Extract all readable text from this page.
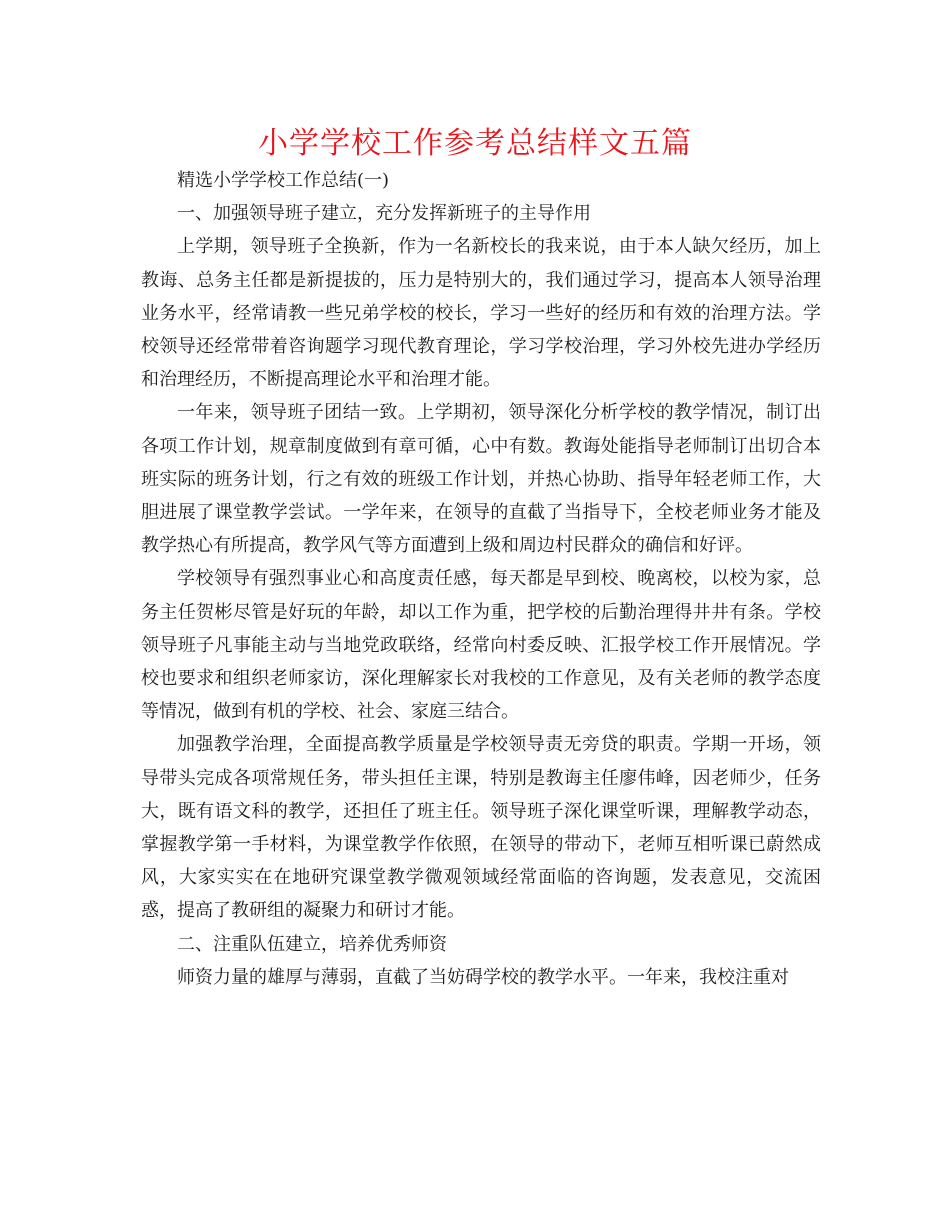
小学学校工作参考总结样文五篇

精选小学学校工作总结(一)

一、加强领导班子建立，充分发挥新班子的主导作用

上学期，领导班子全换新，作为一名新校长的我来说，由于本人缺欠经历，加上教诲、总务主任都是新提拔的，压力是特别大的，我们通过学习，提高本人领导治理业务水平，经常请教一些兄弟学校的校长，学习一些好的经历和有效的治理方法。学校领导还经常带着咨询题学习现代教育理论，学习学校治理，学习外校先进办学经历和治理经历，不断提高理论水平和治理才能。

一年来，领导班子团结一致。上学期初，领导深化分析学校的教学情况，制订出各项工作计划，规章制度做到有章可循，心中有数。教诲处能指导老师制订出切合本班实际的班务计划，行之有效的班级工作计划，并热心协助、指导年轻老师工作，大胆进展了课堂教学尝试。一学年来，在领导的直截了当指导下，全校老师业务才能及教学热心有所提高，教学风气等方面遭到上级和周边村民群众的确信和好评。

学校领导有强烈事业心和高度责任感，每天都是早到校、晚离校，以校为家，总务主任贺彬尽管是好玩的年龄，却以工作为重，把学校的后勤治理得井井有条。学校领导班子凡事能主动与当地党政联络，经常向村委反映、汇报学校工作开展情况。学校也要求和组织老师家访，深化理解家长对我校的工作意见，及有关老师的教学态度等情况，做到有机的学校、社会、家庭三结合。

加强教学治理，全面提高教学质量是学校领导责无旁贷的职责。学期一开场，领导带头完成各项常规任务，带头担任主课，特别是教诲主任廖伟峰，因老师少，任务大，既有语文科的教学，还担任了班主任。领导班子深化课堂听课，理解教学动态，掌握教学第一手材料，为课堂教学作依照，在领导的带动下，老师互相听课已蔚然成风，大家实实在在地研究课堂教学微观领域经常面临的咨询题，发表意见，交流困惑，提高了教研组的凝聚力和研讨才能。

二、注重队伍建立，培养优秀师资

师资力量的雄厚与薄弱，直截了当妨碍学校的教学水平。一年来，我校注重对
